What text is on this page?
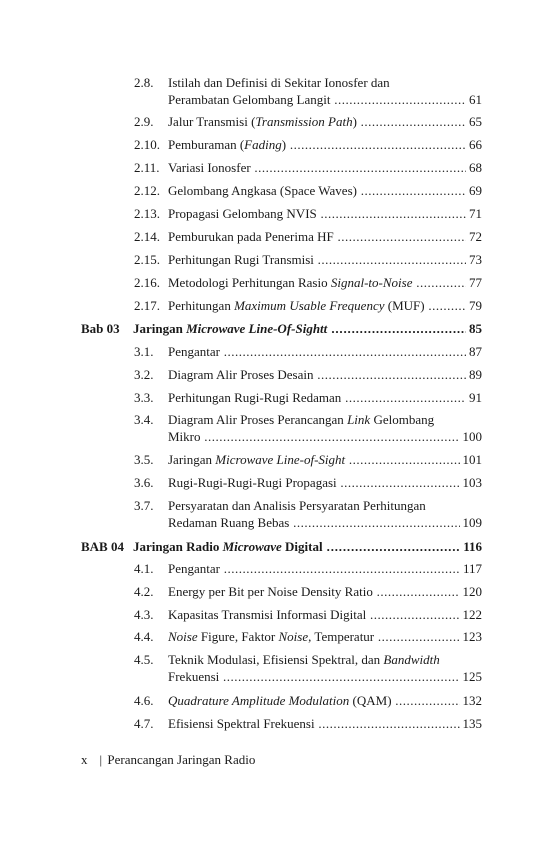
2.8. Istilah dan Definisi di Sekitar Ionosfer dan
Perambatan Gelombang Langit .....	61
2.9. Jalur Transmisi (Transmission Path) .....	65
2.10. Pemburaman (Fading) .....	66
2.11. Variasi Ionosfer .....	68
2.12. Gelombang Angkasa (Space Waves) .....	69
2.13. Propagasi Gelombang NVIS .....	71
2.14. Pemburukan pada Penerima HF .....	72
2.15. Perhitungan Rugi Transmisi .....	73
2.16. Metodologi Perhitungan Rasio Signal-to-Noise .....	77
2.17. Perhitungan Maximum Usable Frequency (MUF) .....	79
Bab 03 Jaringan Microwave Line-Of-Sightt .....	85
3.1. Pengantar .....	87
3.2. Diagram Alir Proses Desain .....	89
3.3. Perhitungan Rugi-Rugi Redaman .....	91
3.4. Diagram Alir Proses Perancangan Link Gelombang
Mikro .....	100
3.5. Jaringan Microwave Line-of-Sight .....	101
3.6. Rugi-Rugi-Rugi-Rugi Propagasi .....	103
3.7. Persyaratan dan Analisis Persyaratan Perhitungan
Redaman Ruang Bebas .....	109
BAB 04 Jaringan Radio Microwave Digital .....	116
4.1. Pengantar .....	117
4.2. Energy per Bit per Noise Density Ratio .....	120
4.3. Kapasitas Transmisi Informasi Digital .....	122
4.4. Noise Figure, Faktor Noise, Temperatur .....	123
4.5. Teknik Modulasi, Efisiensi Spektral, dan Bandwidth
Frekuensi .....	125
4.6. Quadrature Amplitude Modulation (QAM) .....	132
4.7. Efisiensi Spektral Frekuensi .....	135
x | Perancangan Jaringan Radio
